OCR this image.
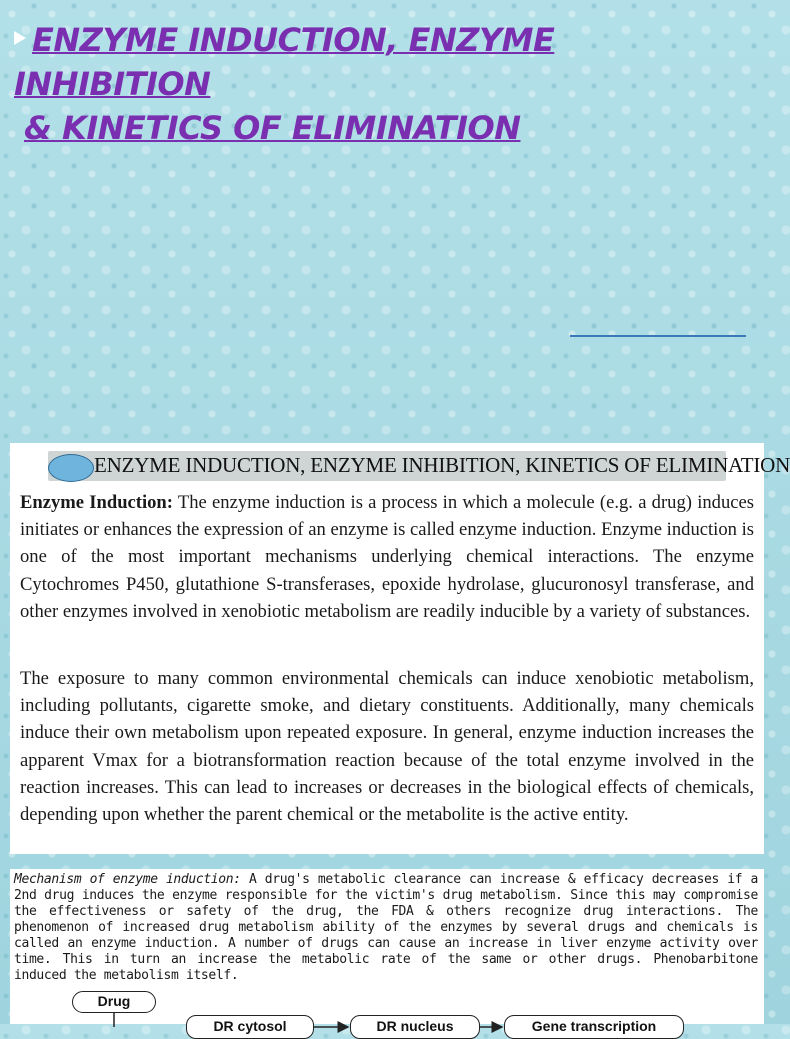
ENZYME INDUCTION, ENZYME INHIBITION
& KINETICS OF ELIMINATION
ENZYME INDUCTION, ENZYME INHIBITION, KINETICS OF ELIMINATION

Enzyme Induction: The enzyme induction is a process in which a molecule (e.g. a drug) induces initiates or enhances the expression of an enzyme is called enzyme induction. Enzyme induction is one of the most important mechanisms underlying chemical interactions. The enzyme Cytochromes P450, glutathione S-transferases, epoxide hydrolase, glucuronosyl transferase, and other enzymes involved in xenobiotic metabolism are readily inducible by a variety of substances.

The exposure to many common environmental chemicals can induce xenobiotic metabolism, including pollutants, cigarette smoke, and dietary constituents. Additionally, many chemicals induce their own metabolism upon repeated exposure. In general, enzyme induction increases the apparent Vmax for a biotransformation reaction because of the total enzyme involved in the reaction increases. This can lead to increases or decreases in the biological effects of chemicals, depending upon whether the parent chemical or the metabolite is the active entity.

Mechanism of enzyme induction: A drug's metabolic clearance can increase & efficacy decreases if a 2nd drug induces the enzyme responsible for the victim's drug metabolism. Since this may compromise the effectiveness or safety of the drug, the FDA & others recognize drug interactions. The phenomenon of increased drug metabolism ability of the enzymes by several drugs and chemicals is called an enzyme induction. A number of drugs can cause an increase in liver enzyme activity over time. This in turn an increase the metabolic rate of the same or other drugs. Phenobarbitone induced the metabolism itself.

Drug
DR cytosol	DR nucleus	Gene transcription
